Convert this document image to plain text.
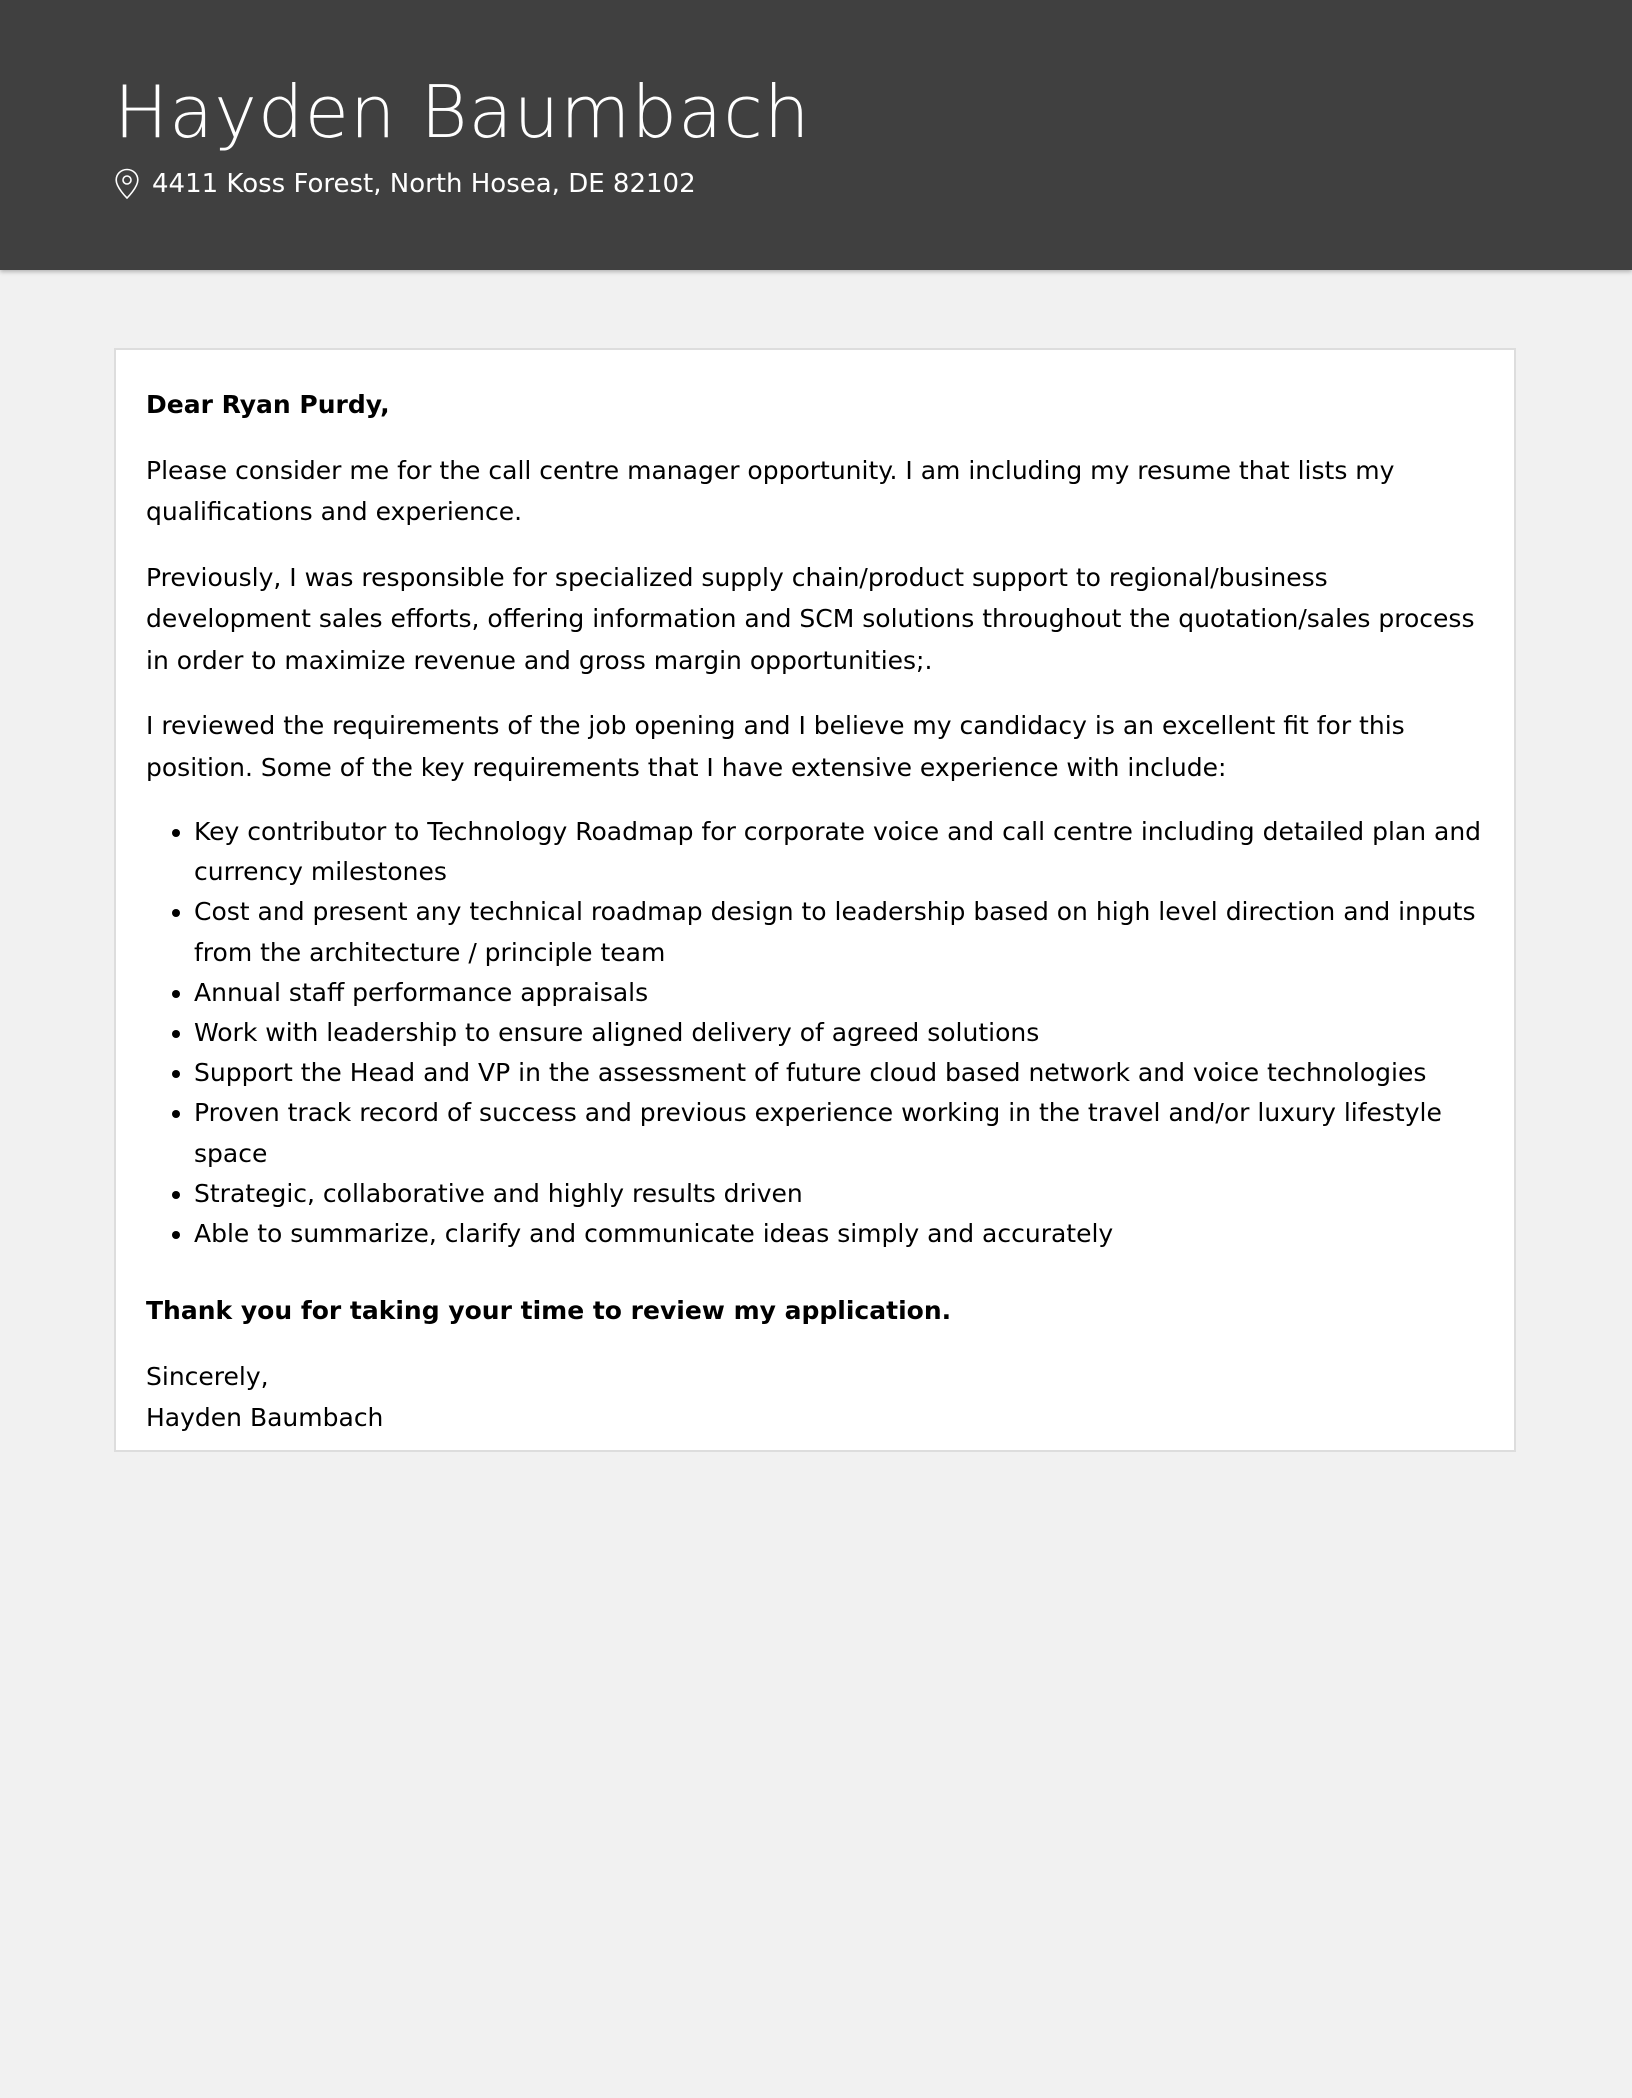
Hayden Baumbach
4411 Koss Forest, North Hosea, DE 82102

Dear Ryan Purdy,

Please consider me for the call centre manager opportunity. I am including my resume that lists my qualifications and experience.

Previously, I was responsible for specialized supply chain/product support to regional/business development sales efforts, offering information and SCM solutions throughout the quotation/sales process in order to maximize revenue and gross margin opportunities;.

I reviewed the requirements of the job opening and I believe my candidacy is an excellent fit for this position. Some of the key requirements that I have extensive experience with include:

• Key contributor to Technology Roadmap for corporate voice and call centre including detailed plan and currency milestones
• Cost and present any technical roadmap design to leadership based on high level direction and inputs from the architecture / principle team
• Annual staff performance appraisals
• Work with leadership to ensure aligned delivery of agreed solutions
• Support the Head and VP in the assessment of future cloud based network and voice technologies
• Proven track record of success and previous experience working in the travel and/or luxury lifestyle space
• Strategic, collaborative and highly results driven
• Able to summarize, clarify and communicate ideas simply and accurately

Thank you for taking your time to review my application.

Sincerely,
Hayden Baumbach
